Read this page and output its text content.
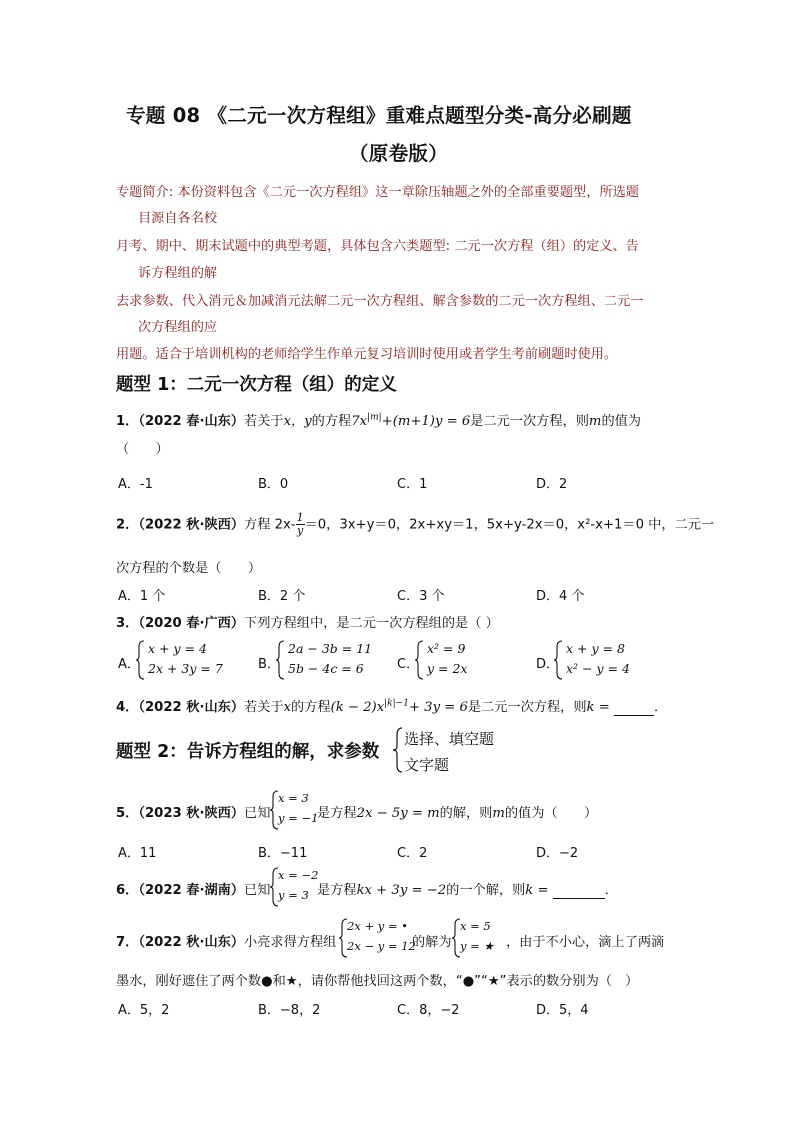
专题 08 《二元一次方程组》重难点题型分类-高分必刷题
（原卷版）
专题简介: 本份资料包含《二元一次方程组》这一章除压轴题之外的全部重要题型，所选题
目源自各名校
月考、期中、期末试题中的典型考题，具体包含六类题型: 二元一次方程（组）的定义、告
诉方程组的解
去求参数、代入消元＆加减消元法解二元一次方程组、解含参数的二元一次方程组、二元一
次方程组的应
用题。适合于培训机构的老师给学生作单元复习培训时使用或者学生考前刷题时使用。
题型 1：二元一次方程（组）的定义
1．（2022 春·山东）若关于x，y的方程$7x^{|m|}+(m+1)y = 6$是二元一次方程，则m的值为
（　　）
A．-1	B．0	C．1	D．2
2．（2022 秋·陕西）方程 $2x- \frac{1}{y} =0$，3x+y＝0，2x+xy＝1，5x+y-2x＝0，x²-x+1＝0 中，二元一
次方程的个数是（　　）
A．1 个	B．2 个	C．3 个	D．4 个
3．（2020 春·广西）下列方程组中，是二元一次方程组的是（ ）
A．
x + y = 4
2x + 3y = 7	B．
2a − 3b = 11
5b − 4c = 6	C．
x² = 9
y = 2x	D．
x + y = 8
x² − y = 4
4．（2022 秋·山东）若关于x的方程$(k - 2)x^{|k|-1}+ 3y = 6$是二元一次方程，则k =	．
题型 2：告诉方程组的解，求参数
选择、填空题
文字题
5．（2023 秋·陕西）已知
x = 3
y = −1
是方程2x − 5y = m的解，则m的值为（　　）
A．11	B．−11	C．2	D．−2
6．（2022 春·湖南）已知
x = −2
y = 3 是方程kx + 3y = −2的一个解，则k =	．
7．（2022 秋·山东）小亮求得方程组
2x + y = •
2x − y = 12
的解为
x = 5
y = ★ ，由于不小心，滴上了两滴
墨水，刚好遮住了两个数●和★，请你帮他找回这两个数，“●”“★”表示的数分别为（　）
A．5，2	B．−8，2	C．8，−2	D．5，4
